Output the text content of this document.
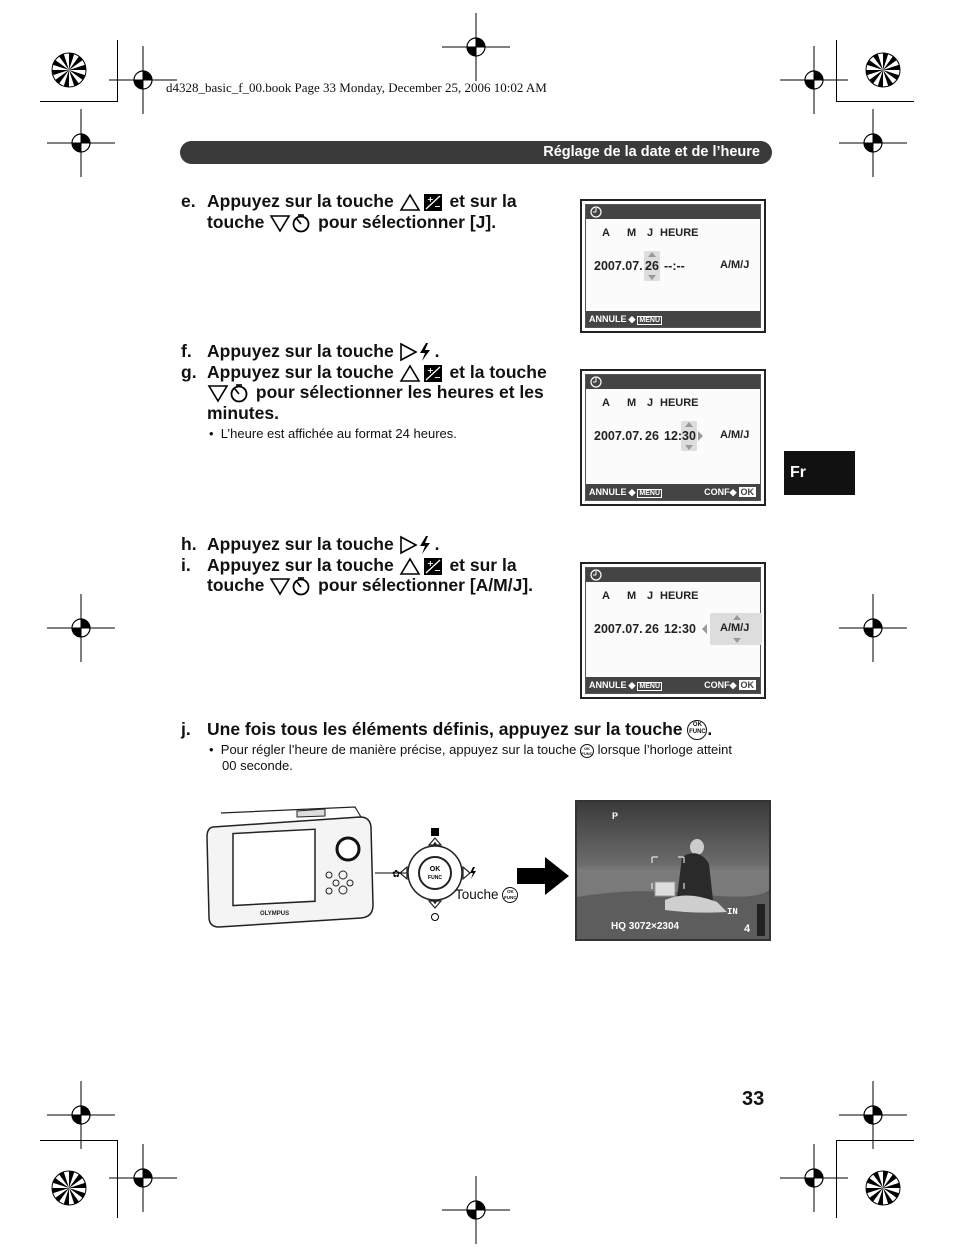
d4328_basic_f_00.book Page 33 Monday, December 25, 2006 10:02 AM
Réglage de la date et de l’heure
Fr
e. Appuyez sur la touche	+
− et sur la
touche	pour sélectionner [J].
A M J HEURE
2007.07. 26 --:--	A/M/J
ANNULE ◆ MENU
f. Appuyez sur la touche .
g. Appuyez sur la touche	+
− et la touche
pour sélectionner les heures et les
minutes.
•  L’heure est affichée au format 24 heures.
A M J HEURE
2007.07. 26 12: 30 A/M/J
ANNULE ◆ MENU	CONF◆ OK
h. Appuyez sur la touche .
i. Appuyez sur la touche	+
− et sur la
touche	pour sélectionner [A/M/J].
A M J HEURE
2007.07. 26 12: 30 A/M/J
ANNULE ◆ MENU	CONF◆ OK
j. Une fois tous les éléments définis, appuyez sur la touche OK
FUNC.
•  Pour régler l’heure de manière précise, appuyez sur la touche OK
FUNC lorsque l’horloge atteint
00 seconde.
OLYMPUS
OK
FUNC
✿
Touche OK
FUNC
P
IN
HQ 3072×2304	4
33
